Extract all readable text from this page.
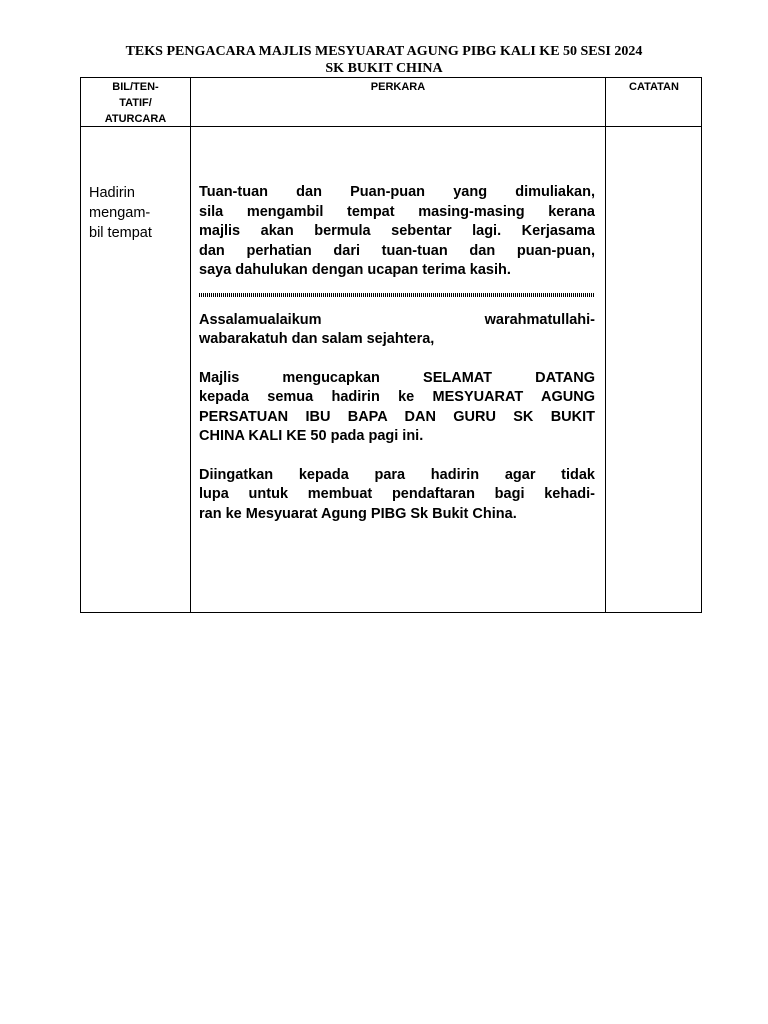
TEKS PENGACARA MAJLIS MESYUARAT AGUNG PIBG KALI KE 50 SESI 2024
SK BUKIT CHINA
BIL/TEN-
TATIF/
ATURCARA
PERKARA	CATATAN
Hadirin
mengam-
bil tempat

Tuan-tuan dan Puan-puan yang dimuliakan,
sila mengambil tempat masing-masing kerana
majlis akan bermula sebentar lagi. Kerjasama
dan perhatian dari tuan-tuan dan puan-puan,
saya dahulukan dengan ucapan terima kasih.

Assalamualaikum warahmatullahi-
wabarakatuh dan salam sejahtera,

Majlis mengucapkan SELAMAT DATANG
kepada semua hadirin ke MESYUARAT AGUNG
PERSATUAN IBU BAPA DAN GURU SK BUKIT
CHINA KALI KE 50 pada pagi ini.

Diingatkan kepada para hadirin agar tidak
lupa untuk membuat pendaftaran bagi kehadi-
ran ke Mesyuarat Agung PIBG Sk Bukit China.
